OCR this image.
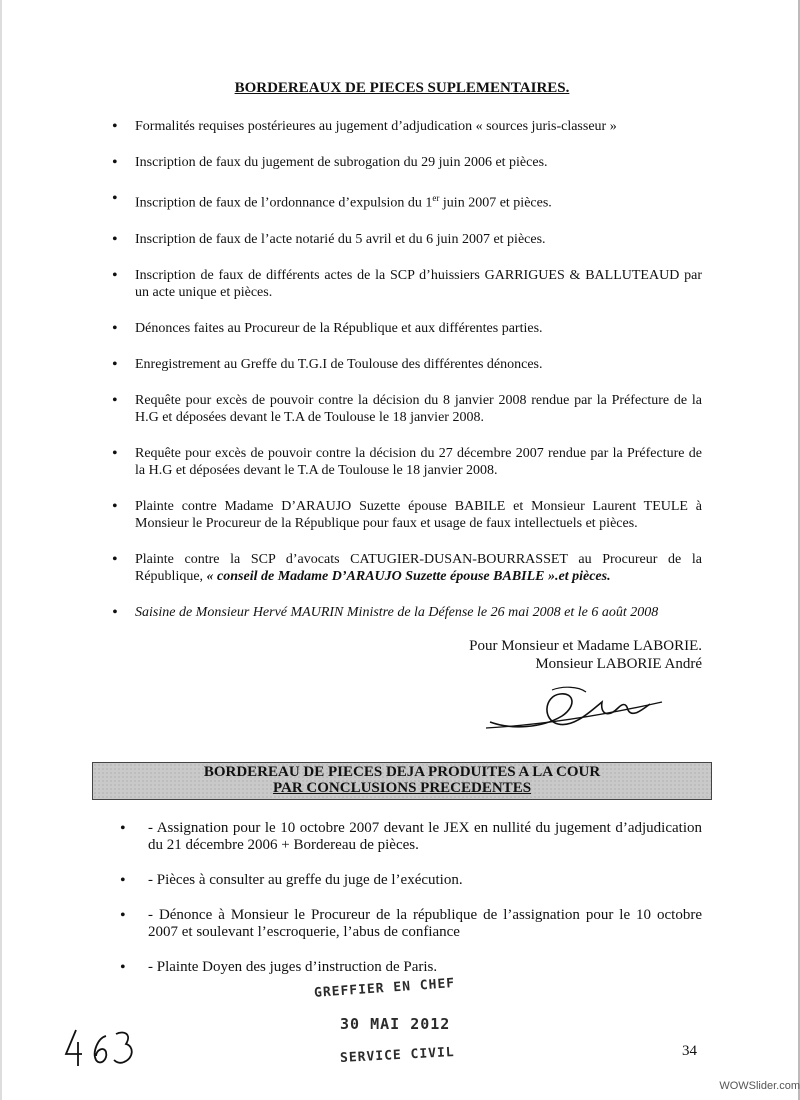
BORDEREAUX DE PIECES SUPLEMENTAIRES.
• Formalités requises postérieures au jugement d’adjudication « sources juris-classeur »
• Inscription de faux du jugement de subrogation du 29 juin 2006 et pièces.
• Inscription de faux de l’ordonnance d’expulsion du 1er juin 2007 et pièces.
• Inscription de faux de l’acte notarié du 5 avril et du 6 juin 2007 et pièces.
• Inscription de faux de différents actes de la SCP d’huissiers GARRIGUES & BALLUTEAUD par un acte unique et pièces.
• Dénonces faites au Procureur de la République et aux différentes parties.
• Enregistrement au Greffe du T.G.I de Toulouse des différentes dénonces.
• Requête pour excès de pouvoir contre la décision du 8 janvier 2008 rendue par la Préfecture de la H.G et déposées devant le T.A de Toulouse le 18 janvier 2008.
• Requête pour excès de pouvoir contre la décision du 27 décembre 2007 rendue par la Préfecture de la H.G et déposées devant le T.A de Toulouse le 18 janvier 2008.
• Plainte contre Madame D’ARAUJO Suzette épouse BABILE et Monsieur Laurent TEULE à Monsieur le Procureur de la République pour faux et usage de faux intellectuels et pièces.
• Plainte contre la SCP d’avocats CATUGIER-DUSAN-BOURRASSET au Procureur de la République, « conseil de Madame D’ARAUJO Suzette épouse BABILE ».et pièces.
• Saisine de Monsieur Hervé MAURIN Ministre de la Défense le 26 mai 2008 et le 6 août 2008
Pour Monsieur et Madame LABORIE.
Monsieur LABORIE André
BORDEREAU DE PIECES DEJA PRODUITES A LA COUR
PAR CONCLUSIONS PRECEDENTES
• - Assignation pour le 10 octobre 2007 devant le JEX en nullité du jugement d’adjudication du 21 décembre 2006 + Bordereau de pièces.
• - Pièces à consulter au greffe du juge de l’exécution.
• - Dénonce à Monsieur le Procureur de la république de l’assignation pour le 10 octobre 2007 et soulevant l’escroquerie, l’abus de confiance
• - Plainte Doyen des juges d’instruction de Paris.
GREFFIER EN CHEF
30 MAI 2012
SERVICE CIVIL	34
WOWSlider.com
